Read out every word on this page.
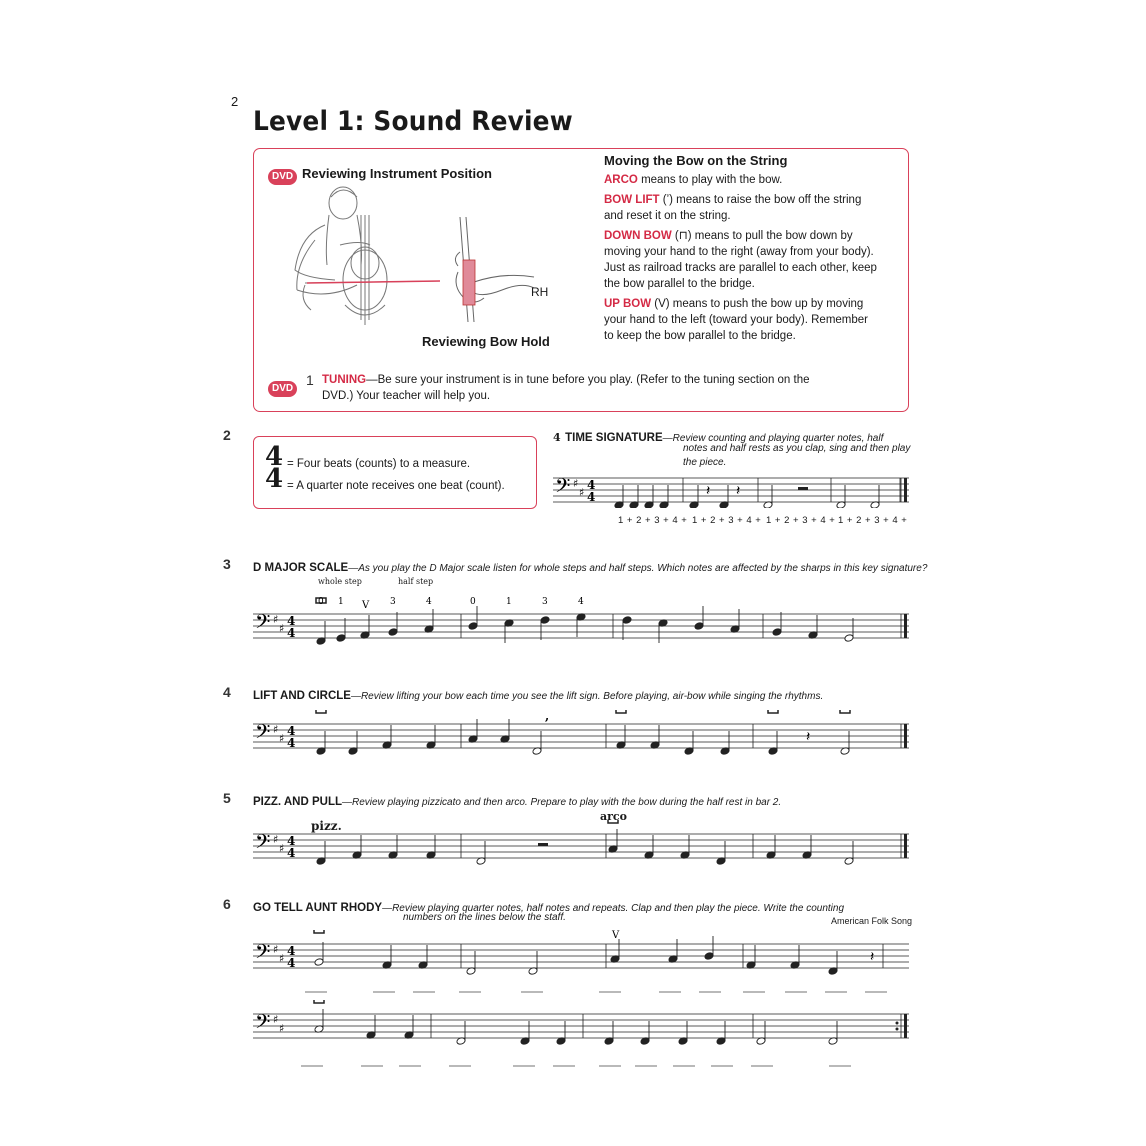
2
Level 1: Sound Review
DVD Reviewing Instrument Position
RH
Reviewing Bow Hold
Moving the Bow on the String
ARCO means to play with the bow.
BOW LIFT (ʼ) means to raise the bow off the string
and reset it on the string.
DOWN BOW (⊓) means to pull the bow down by
moving your hand to the right (away from your body).
Just as railroad tracks are parallel to each other, keep
the bow parallel to the bridge.
UP BOW (V) means to push the bow up by moving
your hand to the left (toward your body). Remember
to keep the bow parallel to the bridge.
DVD
1 TUNING—Be sure your instrument is in tune before you play. (Refer to the tuning section on the
DVD.) Your teacher will help you.
2
4
4 = Four beats (counts) to a measure.
= A quarter note receives one beat (count).
4 TIME SIGNATURE—Review counting and playing quarter notes, half
notes and half rests as you clap, sing and then play
the piece.
𝄢 ♯
♯
4
4	𝄽 𝄽
1 + 2 + 3 + 4 + 1 + 2 + 3 + 4 + 1 + 2 + 3 + 4 + 1 + 2 + 3 + 4 +
3 D MAJOR SCALE—As you play the D Major scale listen for whole steps and half steps. Which notes are affected by the sharps in this key signature?
whole step	half step
𝄢 ♯
♯
4
4
0 1 V 3	4	0	1	3	4
4 LIFT AND CIRCLE—Review lifting your bow each time you see the lift sign. Before playing, air-bow while singing the rhythms.
𝄢 ♯
♯
4
4
,
𝄽
5 PIZZ. AND PULL—Review playing pizzicato and then arco. Prepare to play with the bow during the half rest in bar 2.
pizz.
arco
𝄢 ♯
♯
4
4
6 GO TELL AUNT RHODY—Review playing quarter notes, half notes and repeats. Clap and then play the piece. Write the counting
numbers on the lines below the staff.	American Folk Song
𝄢 ♯
♯
4
4
V
𝄽
𝄢 ♯
♯
